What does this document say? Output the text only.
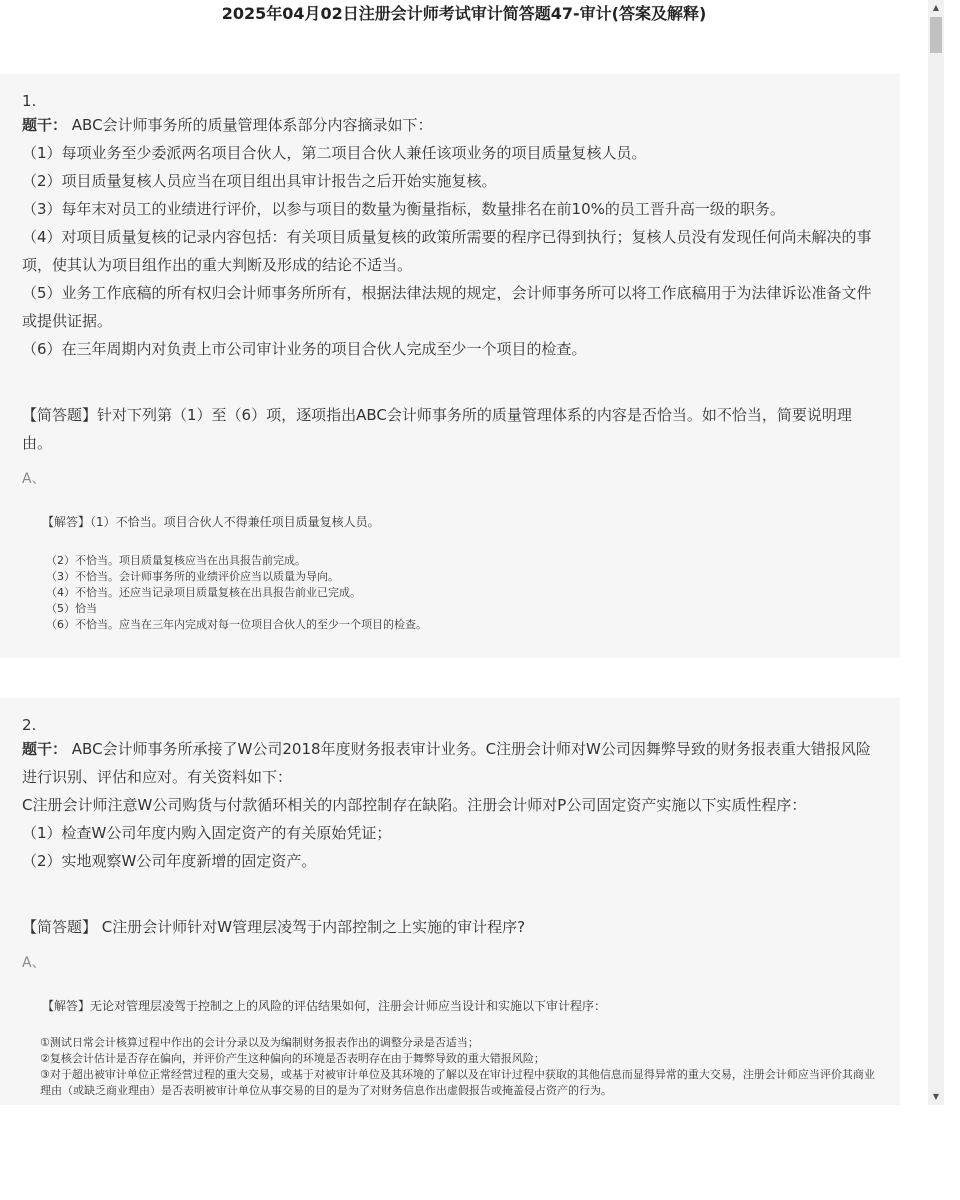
2025年04月02日注册会计师考试审计简答题47-审计(答案及解释)
1.
题干： ABC会计师事务所的质量管理体系部分内容摘录如下：
（1）每项业务至少委派两名项目合伙人，第二项目合伙人兼任该项业务的项目质量复核人员。
（2）项目质量复核人员应当在项目组出具审计报告之后开始实施复核。
（3）每年末对员工的业绩进行评价，以参与项目的数量为衡量指标，数量排名在前10%的员工晋升高一级的职务。
（4）对项目质量复核的记录内容包括：有关项目质量复核的政策所需要的程序已得到执行；复核人员没有发现任何尚未解决的事项，使其认为项目组作出的重大判断及形成的结论不适当。
（5）业务工作底稿的所有权归会计师事务所所有，根据法律法规的规定，会计师事务所可以将工作底稿用于为法律诉讼准备文件或提供证据。
（6）在三年周期内对负责上市公司审计业务的项目合伙人完成至少一个项目的检查。
【简答题】针对下列第（1）至（6）项，逐项指出ABC会计师事务所的质量管理体系的内容是否恰当。如不恰当，简要说明理由。
A、
【解答】（1）不恰当。项目合伙人不得兼任项目质量复核人员。
（2）不恰当。项目质量复核应当在出具报告前完成。
（3）不恰当。会计师事务所的业绩评价应当以质量为导向。
（4）不恰当。还应当记录项目质量复核在出具报告前业已完成。
（5）恰当
（6）不恰当。应当在三年内完成对每一位项目合伙人的至少一个项目的检查。
2.
题干： ABC会计师事务所承接了W公司2018年度财务报表审计业务。C注册会计师对W公司因舞弊导致的财务报表重大错报风险进行识别、评估和应对。有关资料如下：
C注册会计师注意W公司购货与付款循环相关的内部控制存在缺陷。注册会计师对P公司固定资产实施以下实质性程序：
（1）检查W公司年度内购入固定资产的有关原始凭证；
（2）实地观察W公司年度新增的固定资产。
【简答题】 C注册会计师针对W管理层凌驾于内部控制之上实施的审计程序?
A、
【解答】无论对管理层凌驾于控制之上的风险的评估结果如何，注册会计师应当设计和实施以下审计程序：
①测试日常会计核算过程中作出的会计分录以及为编制财务报表作出的调整分录是否适当；
②复核会计估计是否存在偏向，并评价产生这种偏向的环境是否表明存在由于舞弊导致的重大错报风险；
③对于超出被审计单位正常经营过程的重大交易，或基于对被审计单位及其环境的了解以及在审计过程中获取的其他信息而显得异常的重大交易，注册会计师应当评价其商业理由（或缺乏商业理由）是否表明被审计单位从事交易的目的是为了对财务信息作出虚假报告或掩盖侵占资产的行为。
▲
▼
